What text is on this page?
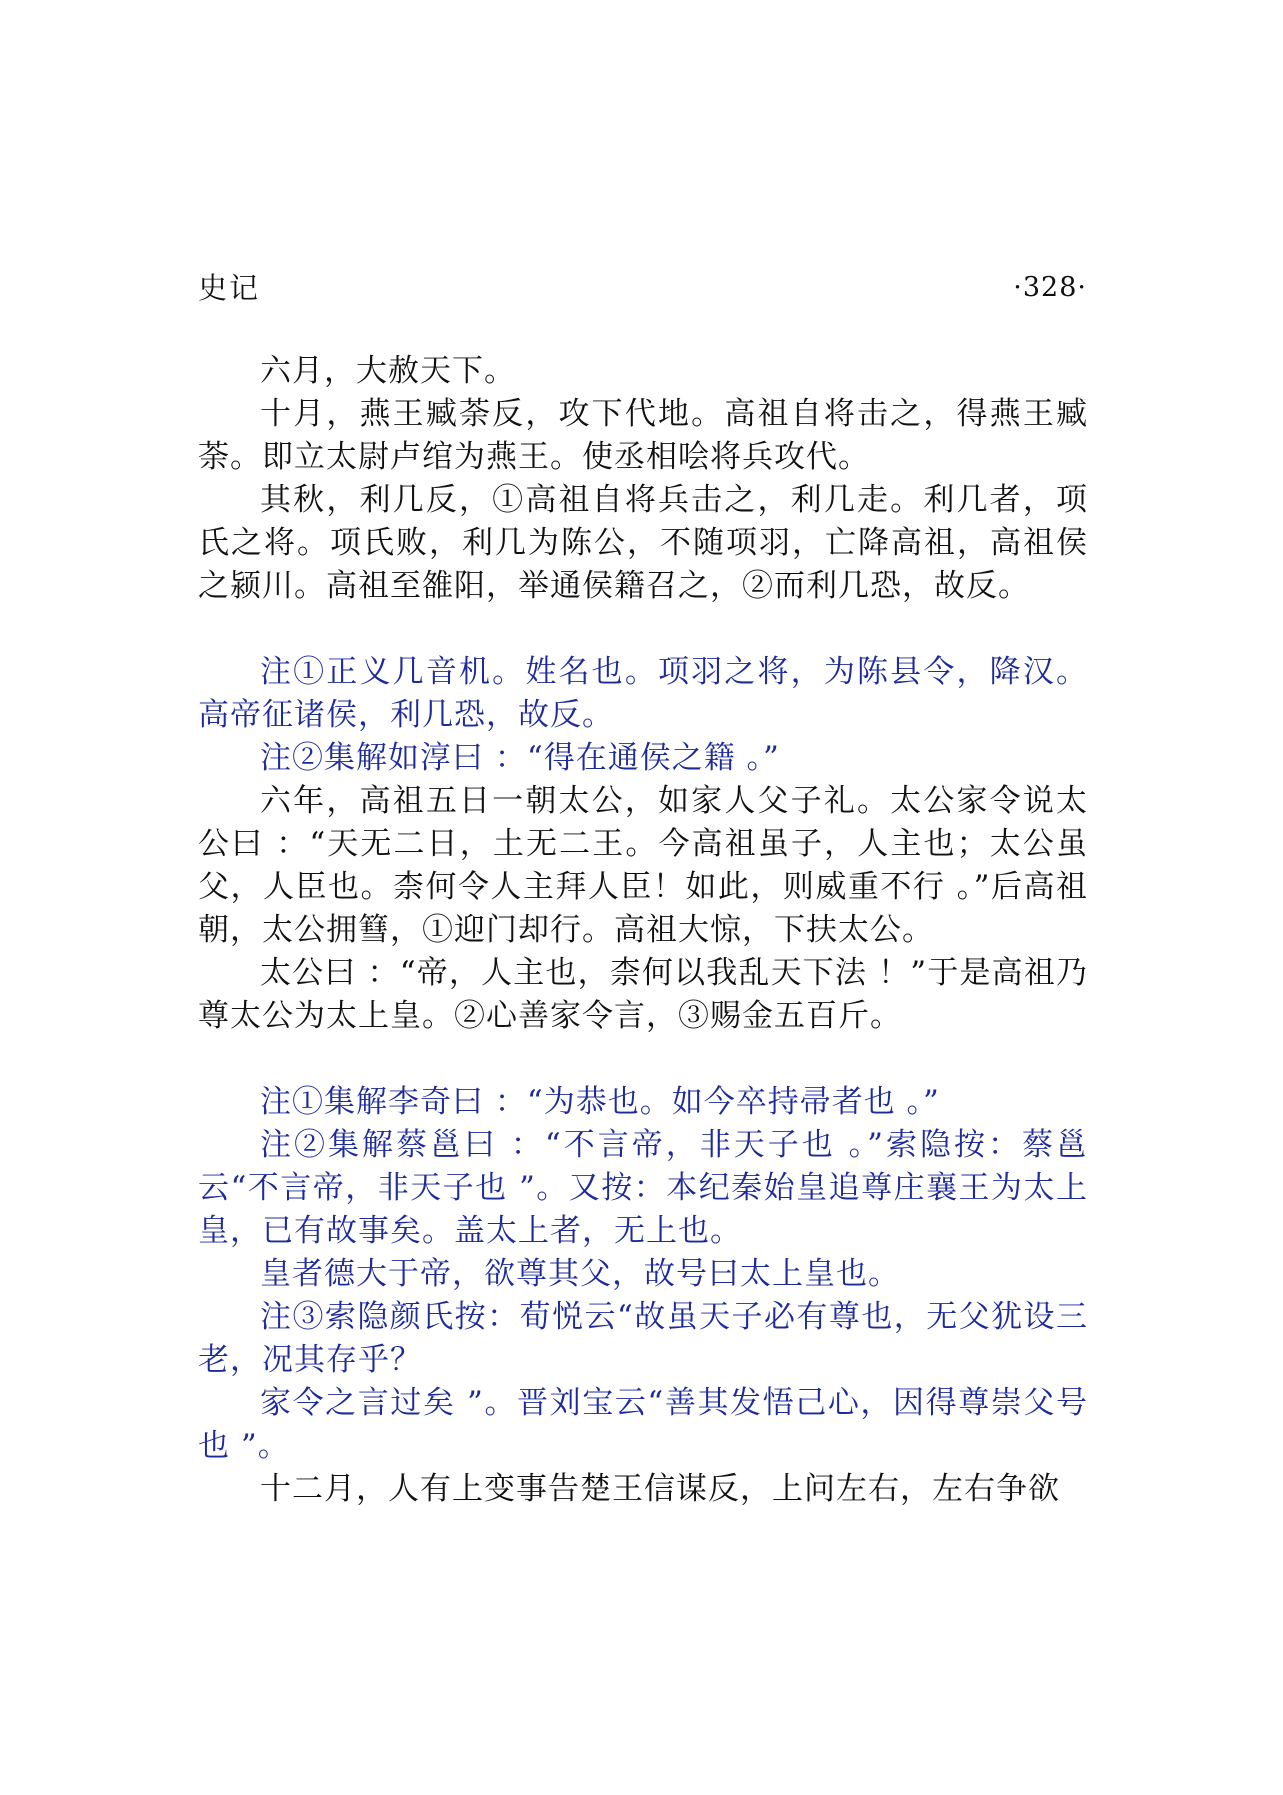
史记	·328·

六月，大赦天下。

十月，燕王臧荼反，攻下代地。高祖自将击之，得燕王臧荼。即立太尉卢绾为燕王。使丞相哙将兵攻代。

其秋，利几反，①高祖自将兵击之，利几走。利几者，项氏之将。项氏败，利几为陈公，不随项羽，亡降高祖，高祖侯之颍川。高祖至雒阳，举通侯籍召之，②而利几恐，故反。

注①正义几音机。姓名也。项羽之将，为陈县令，降汉。高帝征诸侯，利几恐，故反。

注②集解如淳曰 ：“得在通侯之籍 。”

六年，高祖五日一朝太公，如家人父子礼。太公家令说太公曰 ：“天无二日，土无二王。今高祖虽子，人主也；太公虽父，人臣也。柰何令人主拜人臣！如此，则威重不行 。”后高祖朝，太公拥篲，①迎门却行。高祖大惊，下扶太公。

太公曰 ：“帝，人主也，柰何以我乱天下法 ！”于是高祖乃尊太公为太上皇。②心善家令言，③赐金五百斤。

注①集解李奇曰 ：“为恭也。如今卒持帚者也 。”

注②集解蔡邕曰 ：“不言帝，非天子也 。”索隐按：蔡邕云“不言帝，非天子也 ”。又按：本纪秦始皇追尊庄襄王为太上皇，已有故事矣。盖太上者，无上也。

皇者德大于帝，欲尊其父，故号曰太上皇也。

注③索隐颜氏按：荀悦云“故虽天子必有尊也，无父犹设三老，况其存乎？

家令之言过矣 ”。晋刘宝云“善其发悟己心，因得尊崇父号也 ”。

十二月，人有上变事告楚王信谋反，上问左右，左右争欲
